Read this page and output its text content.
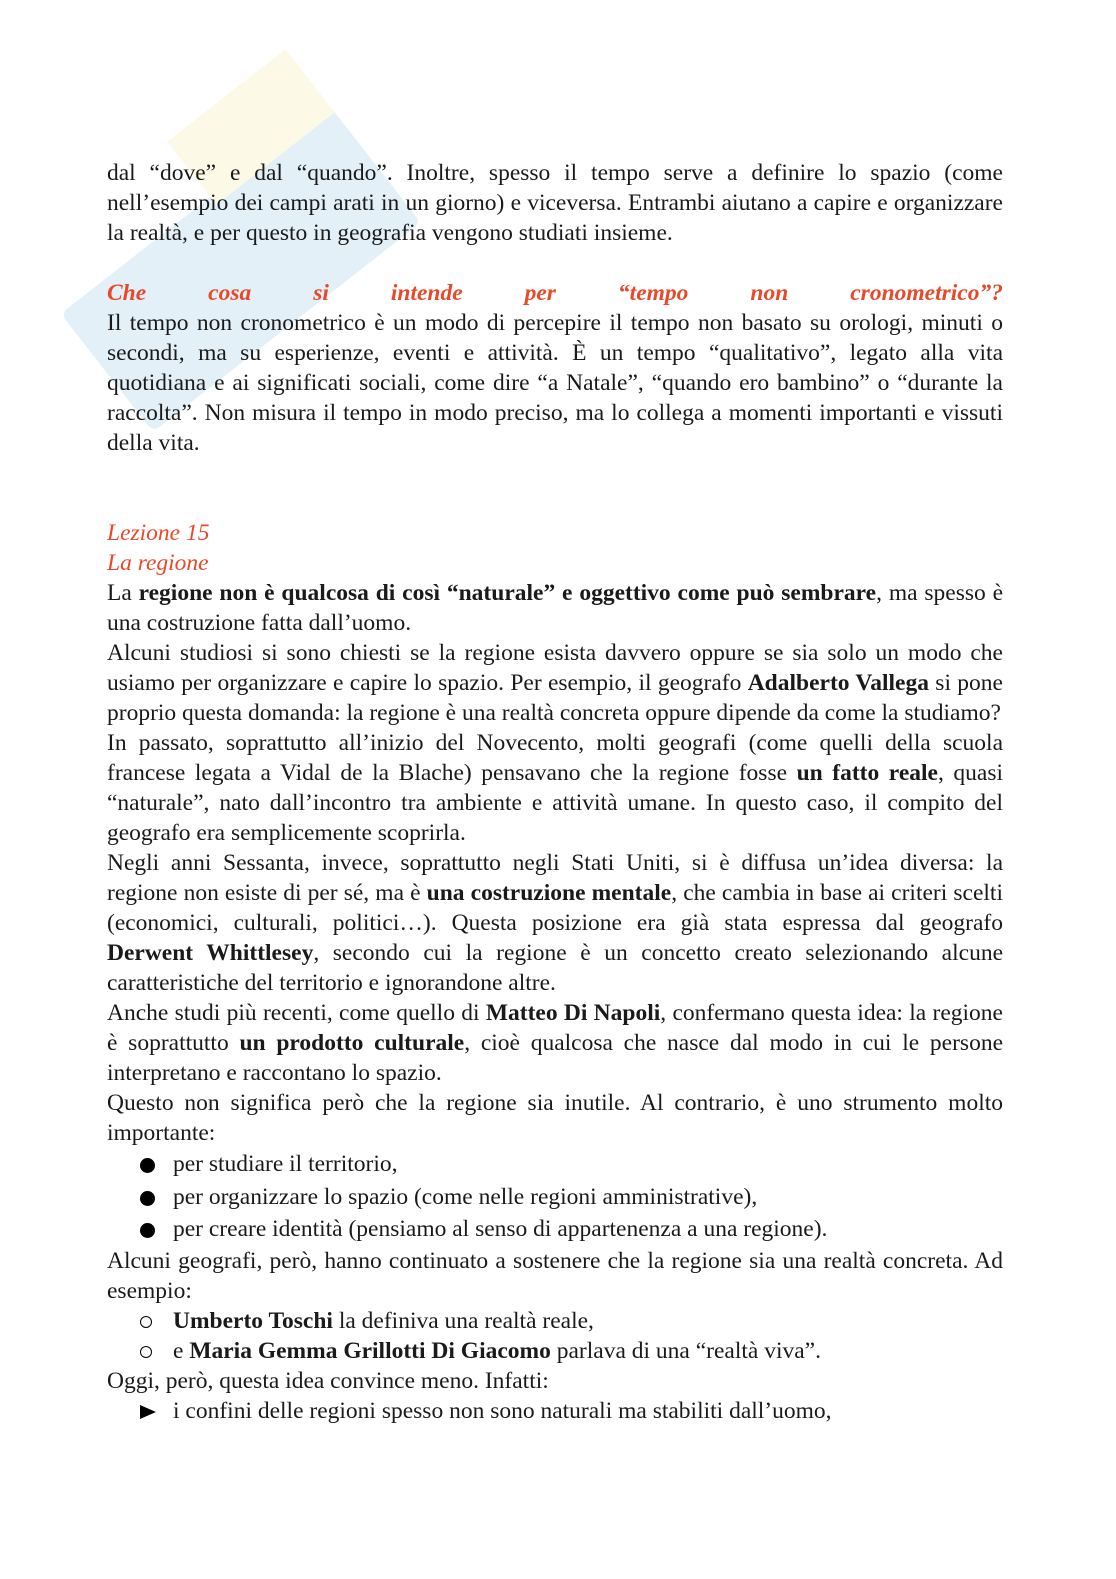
dal “dove” e dal “quando”. Inoltre, spesso il tempo serve a definire lo spazio (come nell’esempio dei campi arati in un giorno) e viceversa. Entrambi aiutano a capire e organizzare la realtà, e per questo in geografia vengono studiati insieme.

Che cosa si intende per “tempo non cronometrico”?

Il tempo non cronometrico è un modo di percepire il tempo non basato su orologi, minuti o secondi, ma su esperienze, eventi e attività. È un tempo “qualitativo”, legato alla vita quotidiana e ai significati sociali, come dire “a Natale”, “quando ero bambino” o “durante la raccolta”. Non misura il tempo in modo preciso, ma lo collega a momenti importanti e vissuti della vita.

Lezione 15

La regione

La regione non è qualcosa di così “naturale” e oggettivo come può sembrare, ma spesso è una costruzione fatta dall’uomo.

Alcuni studiosi si sono chiesti se la regione esista davvero oppure se sia solo un modo che usiamo per organizzare e capire lo spazio. Per esempio, il geografo Adalberto Vallega si pone proprio questa domanda: la regione è una realtà concreta oppure dipende da come la studiamo?

In passato, soprattutto all’inizio del Novecento, molti geografi (come quelli della scuola francese legata a Vidal de la Blache) pensavano che la regione fosse un fatto reale, quasi “naturale”, nato dall’incontro tra ambiente e attività umane. In questo caso, il compito del geografo era semplicemente scoprirla.

Negli anni Sessanta, invece, soprattutto negli Stati Uniti, si è diffusa un’idea diversa: la regione non esiste di per sé, ma è una costruzione mentale, che cambia in base ai criteri scelti (economici, culturali, politici…). Questa posizione era già stata espressa dal geografo Derwent Whittlesey, secondo cui la regione è un concetto creato selezionando alcune caratteristiche del territorio e ignorandone altre.

Anche studi più recenti, come quello di Matteo Di Napoli, confermano questa idea: la regione è soprattutto un prodotto culturale, cioè qualcosa che nasce dal modo in cui le persone interpretano e raccontano lo spazio.

Questo non significa però che la regione sia inutile. Al contrario, è uno strumento molto importante:

per studiare il territorio,
per organizzare lo spazio (come nelle regioni amministrative),
per creare identità (pensiamo al senso di appartenenza a una regione).

Alcuni geografi, però, hanno continuato a sostenere che la regione sia una realtà concreta. Ad esempio:

Umberto Toschi la definiva una realtà reale,
e Maria Gemma Grillotti Di Giacomo parlava di una “realtà viva”.

Oggi, però, questa idea convince meno. Infatti:

i confini delle regioni spesso non sono naturali ma stabiliti dall’uomo,
